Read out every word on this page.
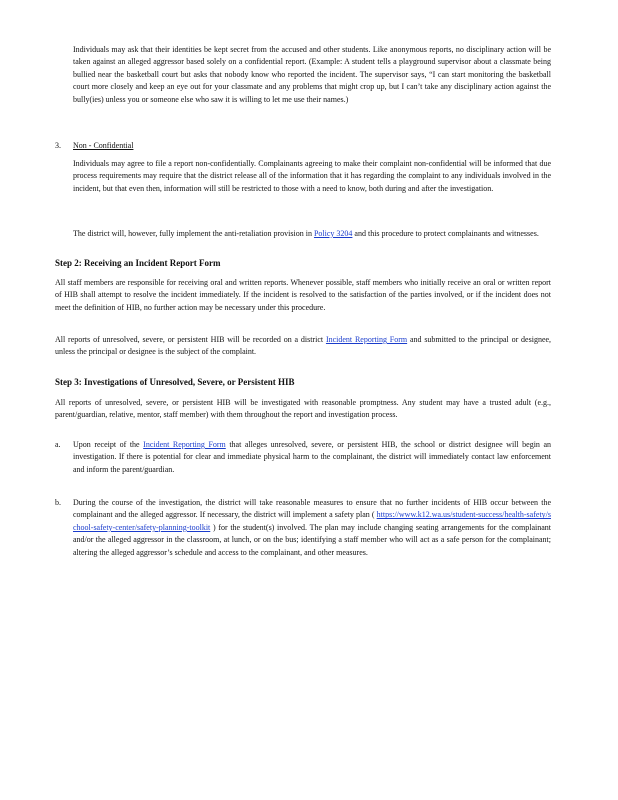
Individuals may ask that their identities be kept secret from the accused and other students. Like anonymous reports, no disciplinary action will be taken against an alleged aggressor based solely on a confidential report. (Example: A student tells a playground supervisor about a classmate being bullied near the basketball court but asks that nobody know who reported the incident. The supervisor says, “I can start monitoring the basketball court more closely and keep an eye out for your classmate and any problems that might crop up, but I can’t take any disciplinary action against the bully(ies) unless you or someone else who saw it is willing to let me use their names.)
3. Non - Confidential
Individuals may agree to file a report non-confidentially. Complainants agreeing to make their complaint non-confidential will be informed that due process requirements may require that the district release all of the information that it has regarding the complaint to any individuals involved in the incident, but that even then, information will still be restricted to those with a need to know, both during and after the investigation.
The district will, however, fully implement the anti-retaliation provision in Policy 3204 and this procedure to protect complainants and witnesses.
Step 2: Receiving an Incident Report Form
All staff members are responsible for receiving oral and written reports. Whenever possible, staff members who initially receive an oral or written report of HIB shall attempt to resolve the incident immediately. If the incident is resolved to the satisfaction of the parties involved, or if the incident does not meet the definition of HIB, no further action may be necessary under this procedure.
All reports of unresolved, severe, or persistent HIB will be recorded on a district Incident Reporting Form and submitted to the principal or designee, unless the principal or designee is the subject of the complaint.
Step 3: Investigations of Unresolved, Severe, or Persistent HIB
All reports of unresolved, severe, or persistent HIB will be investigated with reasonable promptness. Any student may have a trusted adult (e.g., parent/guardian, relative, mentor, staff member) with them throughout the report and investigation process.
a. Upon receipt of the Incident Reporting Form that alleges unresolved, severe, or persistent HIB, the school or district designee will begin an investigation. If there is potential for clear and immediate physical harm to the complainant, the district will immediately contact law enforcement and inform the parent/guardian.
b. During the course of the investigation, the district will take reasonable measures to ensure that no further incidents of HIB occur between the complainant and the alleged aggressor. If necessary, the district will implement a safety plan ( https://www.k12.wa.us/student-success/health-safety/school-safety-center/safety-planning-toolkit ) for the student(s) involved. The plan may include changing seating arrangements for the complainant and/or the alleged aggressor in the classroom, at lunch, or on the bus; identifying a staff member who will act as a safe person for the complainant; altering the alleged aggressor’s schedule and access to the complainant, and other measures.
